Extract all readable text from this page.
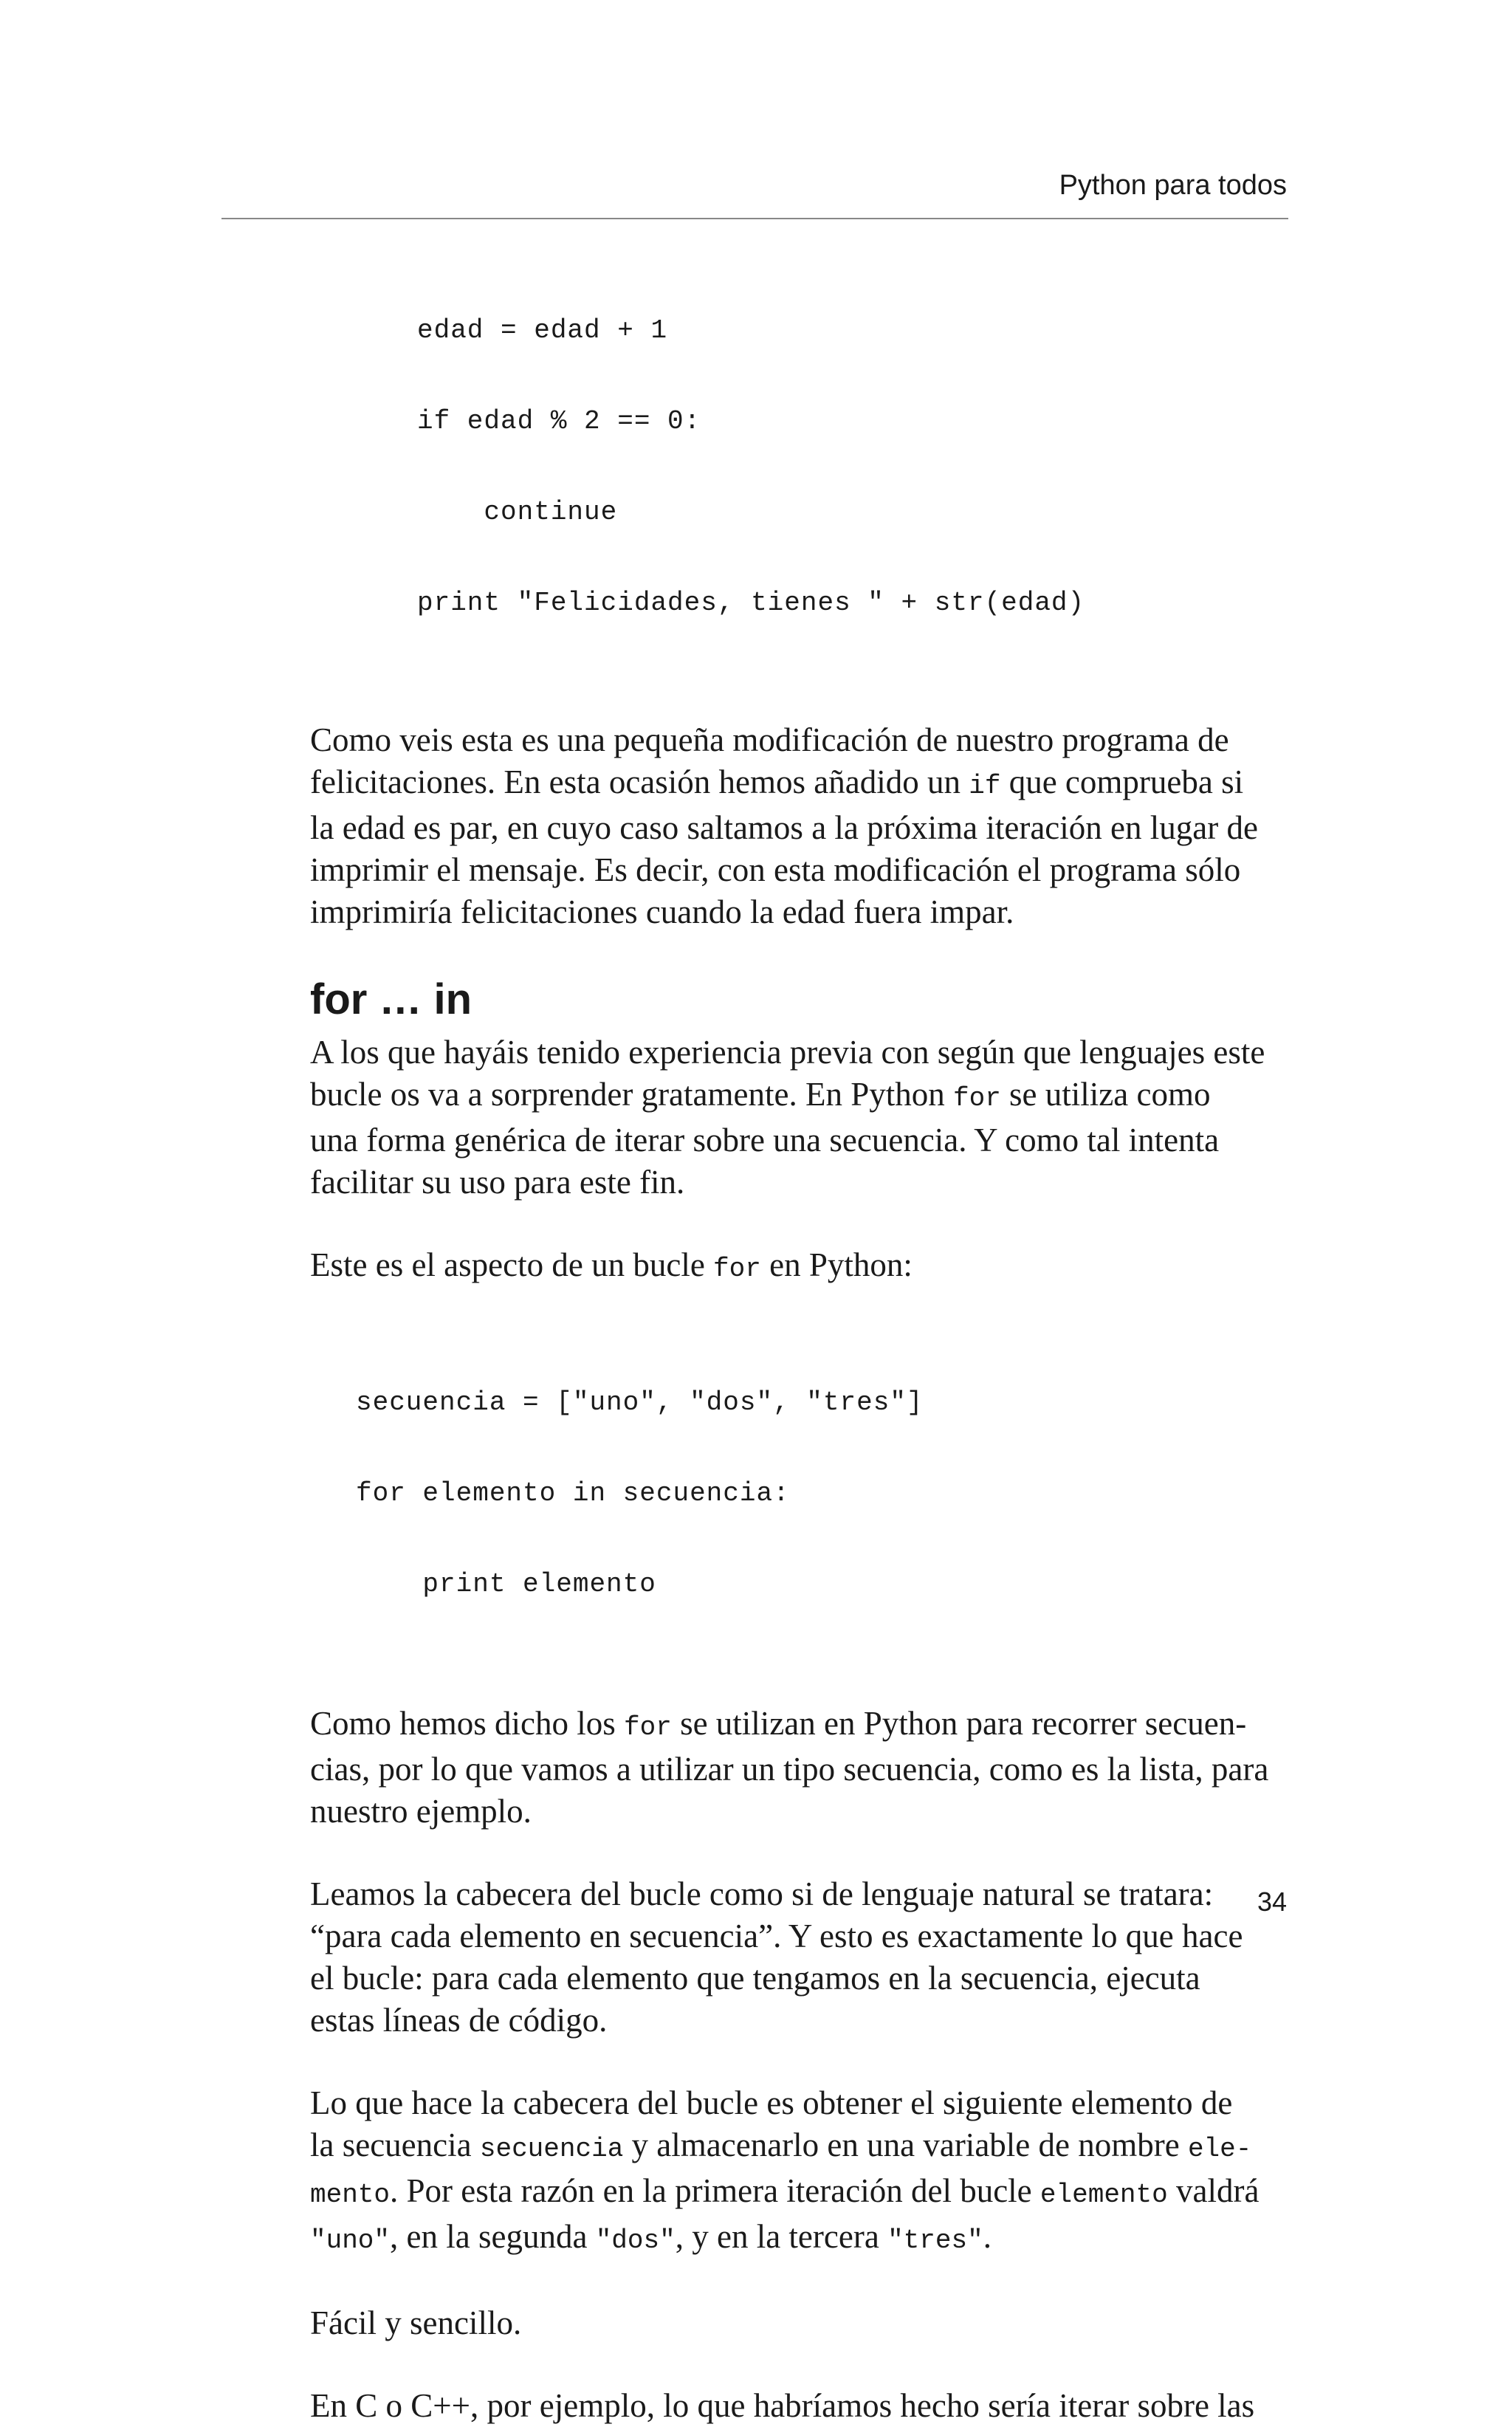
Python para todos

edad = edad + 1

if edad % 2 == 0:

continue

print "Felicidades, tienes " + str(edad)

Como veis esta es una pequeña modificación de nuestro programa de
felicitaciones. En esta ocasión hemos añadido un if que comprueba si
la edad es par, en cuyo caso saltamos a la próxima iteración en lugar de
imprimir el mensaje. Es decir, con esta modificación el programa sólo
imprimiría felicitaciones cuando la edad fuera impar.

for … in

A los que hayáis tenido experiencia previa con según que lenguajes este
bucle os va a sorprender gratamente. En Python for se utiliza como
una forma genérica de iterar sobre una secuencia. Y como tal intenta
facilitar su uso para este fin.

Este es el aspecto de un bucle for en Python:

secuencia = ["uno", "dos", "tres"]

for elemento in secuencia:

print elemento

Como hemos dicho los for se utilizan en Python para recorrer secuen-
cias, por lo que vamos a utilizar un tipo secuencia, como es la lista, para
nuestro ejemplo.

Leamos la cabecera del bucle como si de lenguaje natural se tratara:
“para cada elemento en secuencia”. Y esto es exactamente lo que hace
el bucle: para cada elemento que tengamos en la secuencia, ejecuta
estas líneas de código.

Lo que hace la cabecera del bucle es obtener el siguiente elemento de
la secuencia secuencia y almacenarlo en una variable de nombre ele-
mento. Por esta razón en la primera iteración del bucle elemento valdrá
"uno", en la segunda "dos", y en la tercera "tres".

Fácil y sencillo.

En C o C++, por ejemplo, lo que habríamos hecho sería iterar sobre las

34
